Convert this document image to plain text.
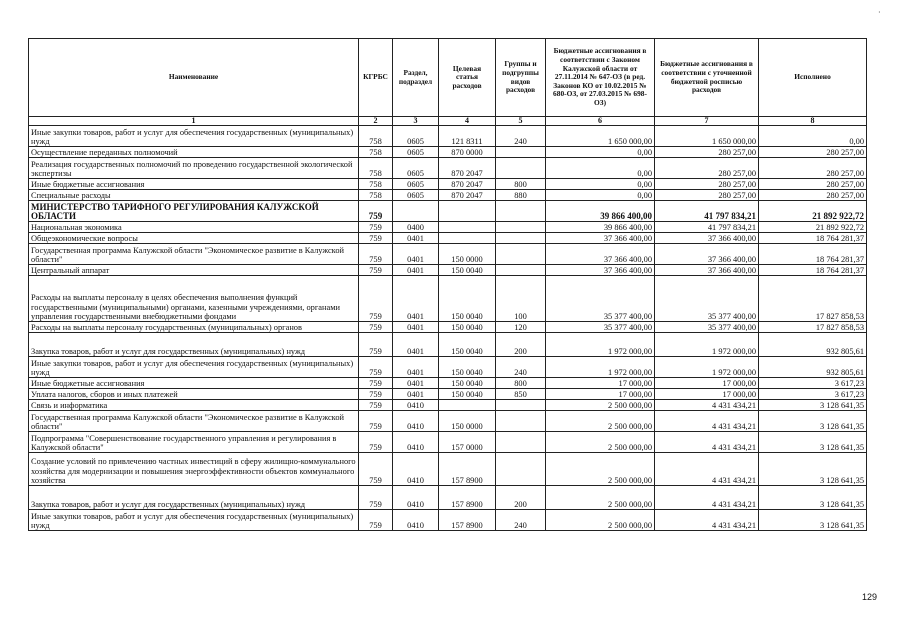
Наименование	КГРБС	Раздел, подраздел	Целевая статья расходов	Группы и подгруппы видов расходов	Бюджетные ассигнования в соответствии с Законом Калужской области от 27.11.2014 № 647-ОЗ (в ред. Законов КО от 10.02.2015 № 680-ОЗ, от 27.03.2015 № 698-ОЗ)	Бюджетные ассигнования в соответствии с уточненной бюджетной росписью расходов	Исполнено
1	2	3	4	5	6	7	8
Иные закупки товаров, работ и услуг для обеспечения государственных (муниципальных) нужд	758	0605	121 8311	240	1 650 000,00	1 650 000,00	0,00
Осуществление переданных полномочий	758	0605	870 0000		0,00	280 257,00	280 257,00
Реализация государственных полномочий по проведению государственной экологической экспертизы	758	0605	870 2047		0,00	280 257,00	280 257,00
Иные бюджетные ассигнования	758	0605	870 2047	800	0,00	280 257,00	280 257,00
Специальные расходы	758	0605	870 2047	880	0,00	280 257,00	280 257,00
МИНИСТЕРСТВО ТАРИФНОГО РЕГУЛИРОВАНИЯ КАЛУЖСКОЙ ОБЛАСТИ	759				39 866 400,00	41 797 834,21	21 892 922,72
Национальная экономика	759	0400			39 866 400,00	41 797 834,21	21 892 922,72
Общеэкономические вопросы	759	0401			37 366 400,00	37 366 400,00	18 764 281,37
Государственная программа Калужской области "Экономическое развитие в Калужской области"	759	0401	150 0000		37 366 400,00	37 366 400,00	18 764 281,37
Центральный аппарат	759	0401	150 0040		37 366 400,00	37 366 400,00	18 764 281,37
Расходы на выплаты персоналу в целях обеспечения выполнения функций государственными (муниципальными) органами, казенными учреждениями, органами управления государственными внебюджетными фондами	759	0401	150 0040	100	35 377 400,00	35 377 400,00	17 827 858,53
Расходы на выплаты персоналу государственных (муниципальных) органов	759	0401	150 0040	120	35 377 400,00	35 377 400,00	17 827 858,53
Закупка товаров, работ и услуг для государственных (муниципальных) нужд	759	0401	150 0040	200	1 972 000,00	1 972 000,00	932 805,61
Иные закупки товаров, работ и услуг для обеспечения государственных (муниципальных) нужд	759	0401	150 0040	240	1 972 000,00	1 972 000,00	932 805,61
Иные бюджетные ассигнования	759	0401	150 0040	800	17 000,00	17 000,00	3 617,23
Уплата налогов, сборов и иных платежей	759	0401	150 0040	850	17 000,00	17 000,00	3 617,23
Связь и информатика	759	0410			2 500 000,00	4 431 434,21	3 128 641,35
Государственная программа Калужской области "Экономическое развитие в Калужской области"	759	0410	150 0000		2 500 000,00	4 431 434,21	3 128 641,35
Подпрограмма "Совершенствование государственного управления и регулирования в Калужской области"	759	0410	157 0000		2 500 000,00	4 431 434,21	3 128 641,35
Создание условий по привлечению частных инвестиций в сферу жилищно-коммунального хозяйства для модернизации и повышения энергоэффективности объектов коммунального хозяйства	759	0410	157 8900		2 500 000,00	4 431 434,21	3 128 641,35
Закупка товаров, работ и услуг для государственных (муниципальных) нужд	759	0410	157 8900	200	2 500 000,00	4 431 434,21	3 128 641,35
Иные закупки товаров, работ и услуг для обеспечения государственных (муниципальных) нужд	759	0410	157 8900	240	2 500 000,00	4 431 434,21	3 128 641,35
129
·
